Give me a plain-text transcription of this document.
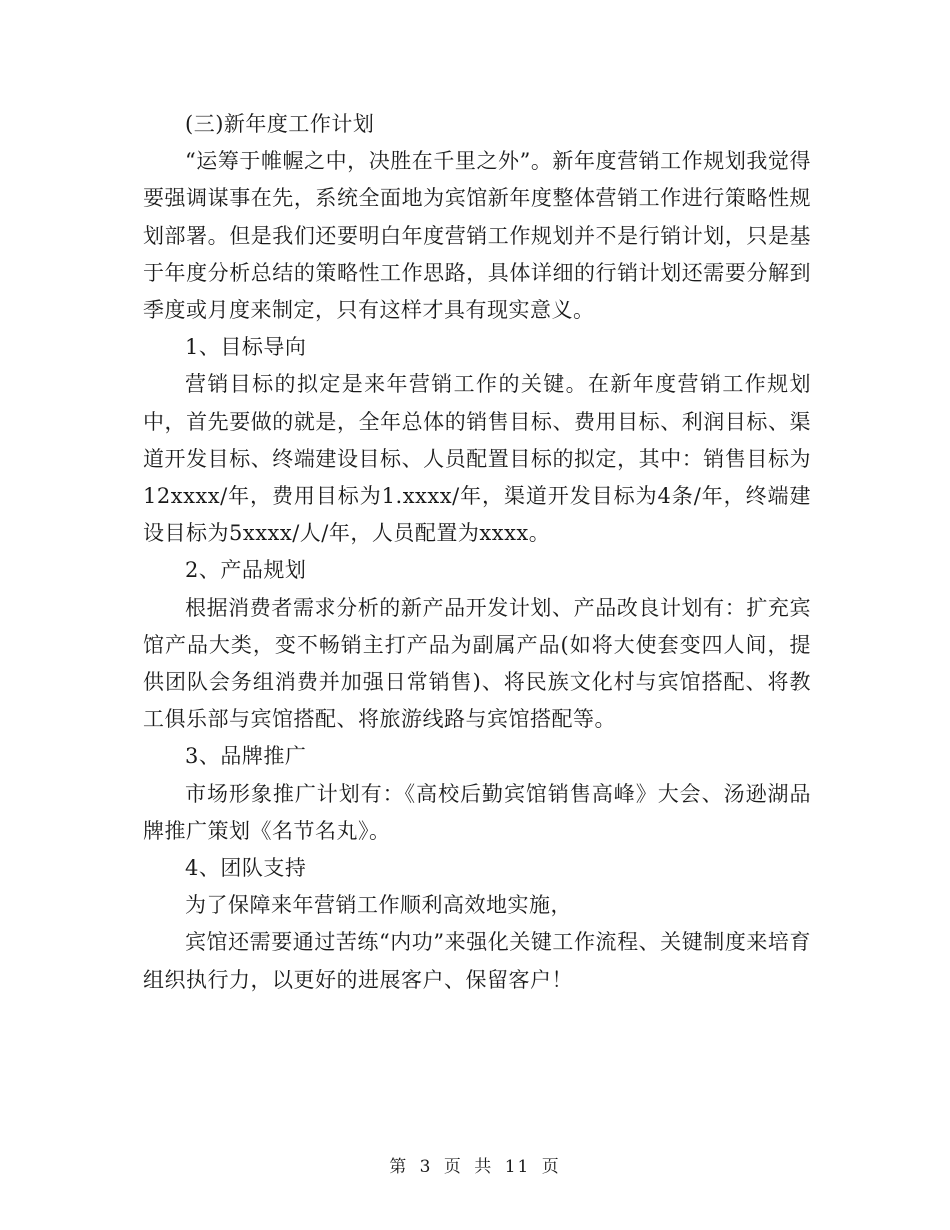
(三)新年度工作计划

“运筹于帷幄之中，决胜在千里之外”。新年度营销工作规划我觉得要强调谋事在先，系统全面地为宾馆新年度整体营销工作进行策略性规划部署。但是我们还要明白年度营销工作规划并不是行销计划，只是基于年度分析总结的策略性工作思路，具体详细的行销计划还需要分解到季度或月度来制定，只有这样才具有现实意义。

1、目标导向

营销目标的拟定是来年营销工作的关键。在新年度营销工作规划中，首先要做的就是，全年总体的销售目标、费用目标、利润目标、渠道开发目标、终端建设目标、人员配置目标的拟定，其中：销售目标为12xxxx/年，费用目标为1.xxxx/年，渠道开发目标为4条/年，终端建设目标为5xxxx/人/年，人员配置为xxxx。

2、产品规划

根据消费者需求分析的新产品开发计划、产品改良计划有：扩充宾馆产品大类，变不畅销主打产品为副属产品(如将大使套变四人间，提供团队会务组消费并加强日常销售)、将民族文化村与宾馆搭配、将教工俱乐部与宾馆搭配、将旅游线路与宾馆搭配等。

3、品牌推广

市场形象推广计划有：《高校后勤宾馆销售高峰》大会、汤逊湖品牌推广策划《名节名丸》。

4、团队支持

为了保障来年营销工作顺利高效地实施，

宾馆还需要通过苦练“内功”来强化关键工作流程、关键制度来培育组织执行力，以更好的进展客户、保留客户！

第 3 页 共 11 页
